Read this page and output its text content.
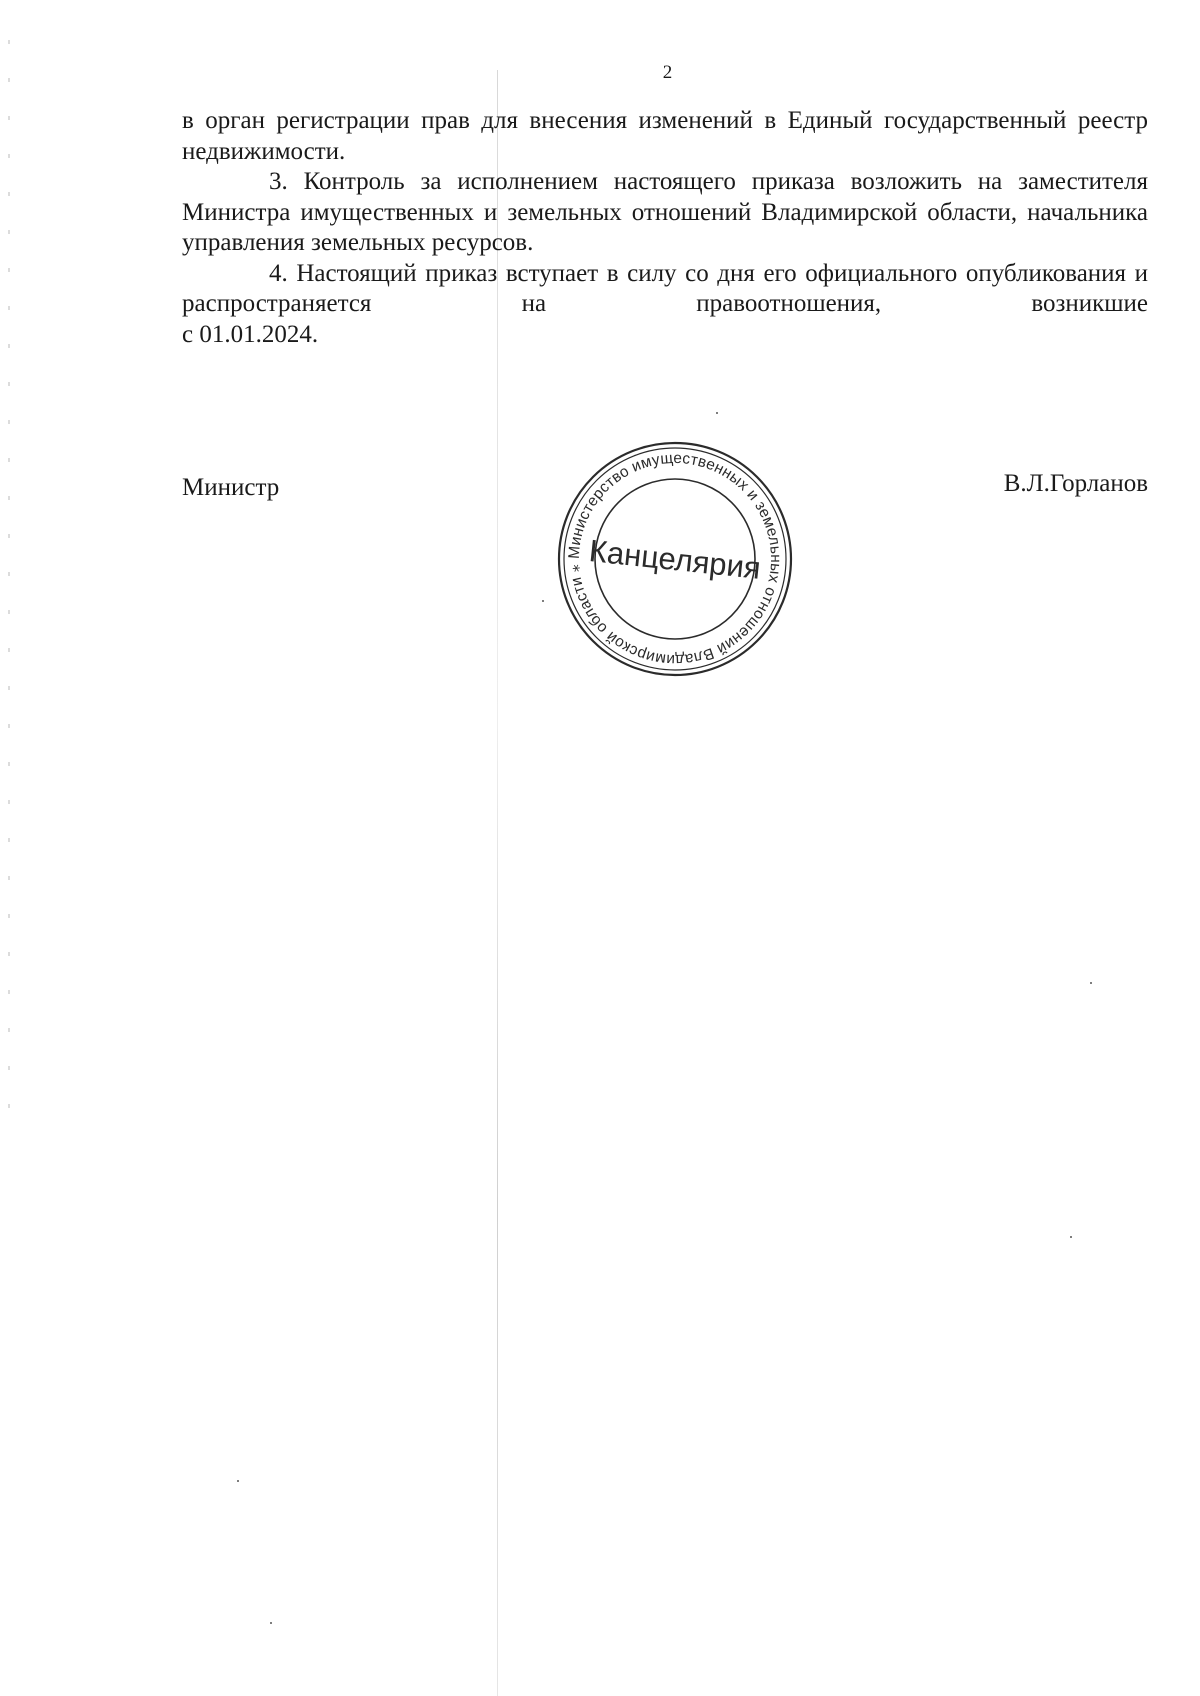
2

в орган регистрации прав для внесения изменений в Единый государственный реестр недвижимости.

3. Контроль за исполнением настоящего приказа возложить на заместителя Министра имущественных и земельных отношений Владимирской области, начальника управления земельных ресурсов.

4. Настоящий приказ вступает в силу со дня его официального опубликования и распространяется на правоотношения, возникшие

с 01.01.2024.

Министр	В.Л.Горланов
Министерство имущественных и земельных отношений Владимирской области ⁎ Канцелярия
